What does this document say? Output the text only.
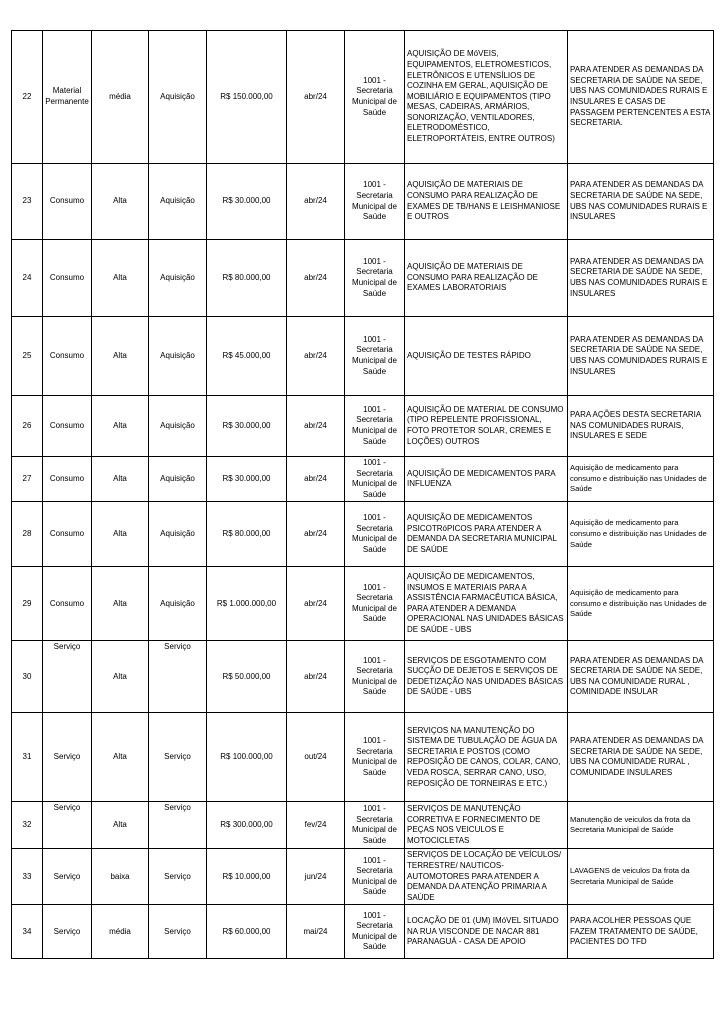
22	Material Permanente	média	Aquisição	R$ 150.000,00	abr/24	1001 - Secretaria Municipal de Saúde	AQUISIÇÃO DE MóVEIS, EQUIPAMENTOS, ELETROMESTICOS, ELETRÔNICOS E UTENSÍLIOS DE COZINHA EM GERAL, AQUISIÇÃO DE MOBILIÁRIO E EQUIPAMENTOS (TIPO MESAS, CADEIRAS, ARMÁRIOS, SONORIZAÇÃO, VENTILADORES, ELETRODOMÉSTICO, ELETROPORTÁTEIS, ENTRE OUTROS)	PARA ATENDER AS DEMANDAS DA SECRETARIA DE SAÚDE NA SEDE, UBS NAS COMUNIDADES RURAIS E INSULARES E CASAS DE PASSAGEM PERTENCENTES A ESTA SECRETARIA.
23	Consumo	Alta	Aquisição	R$ 30.000,00	abr/24	1001 - Secretaria Municipal de Saúde	AQUISIÇÃO DE MATERIAIS DE CONSUMO PARA REALIZAÇÃO DE EXAMES DE TB/HANS E LEISHMANIOSE E OUTROS	PARA ATENDER AS DEMANDAS DA SECRETARIA DE SAÚDE NA SEDE, UBS NAS COMUNIDADES RURAIS E INSULARES
24	Consumo	Alta	Aquisição	R$ 80.000,00	abr/24	1001 - Secretaria Municipal de Saúde	AQUISIÇÃO DE MATERIAIS DE CONSUMO PARA REALIZAÇÃO DE EXAMES LABORATORIAIS	PARA ATENDER AS DEMANDAS DA SECRETARIA DE SAÚDE NA SEDE, UBS NAS COMUNIDADES RURAIS E INSULARES
25	Consumo	Alta	Aquisição	R$ 45.000,00	abr/24	1001 - Secretaria Municipal de Saúde	AQUISIÇÃO DE TESTES RÁPIDO	PARA ATENDER AS DEMANDAS DA SECRETARIA DE SAÚDE NA SEDE, UBS NAS COMUNIDADES RURAIS E INSULARES
26	Consumo	Alta	Aquisição	R$ 30.000,00	abr/24	1001 - Secretaria Municipal de Saúde	AQUISIÇÃO DE MATERIAL DE CONSUMO (TIPO REPELENTE PROFISSIONAL, FOTO PROTETOR SOLAR, CREMES E LOÇÕES) OUTROS	PARA AÇÕES DESTA SECRETARIA NAS COMUNIDADES RURAIS, INSULARES E SEDE
27	Consumo	Alta	Aquisição	R$ 30.000,00	abr/24	1001 - Secretaria Municipal de Saúde	AQUISIÇÃO DE MEDICAMENTOS PARA INFLUENZA	Aquisição de medicamento para consumo e distribuição nas Unidades de Saúde
28	Consumo	Alta	Aquisição	R$ 80.000,00	abr/24	1001 - Secretaria Municipal de Saúde	AQUISIÇÃO DE MEDICAMENTOS PSICOTRóPICOS PARA ATENDER A DEMANDA DA SECRETARIA MUNICIPAL DE SAÚDE	Aquisição de medicamento para consumo e distribuição nas Unidades de Saúde
29	Consumo	Alta	Aquisição	R$ 1.000.000,00	abr/24	1001 - Secretaria Municipal de Saúde	AQUISIÇÃO DE MEDICAMENTOS, INSUMOS E MATERIAIS PARA A ASSISTÊNCIA FARMACÊUTICA BÁSICA, PARA ATENDER A DEMANDA OPERACIONAL NAS UNIDADES BÁSICAS DE SAÚDE - UBS	Aquisição de medicamento para consumo e distribuição nas Unidades de Saúde
30	Serviço	Alta	Serviço	R$ 50.000,00	abr/24	1001 - Secretaria Municipal de Saúde	SERVIÇOS DE ESGOTAMENTO COM SUCÇÃO DE DEJETOS E SERVIÇOS DE DEDETIZAÇÃO NAS UNIDADES BÁSICAS DE SAÚDE - UBS	PARA ATENDER AS DEMANDAS DA SECRETARIA DE SAÚDE NA SEDE, UBS NA COMUNIDADE RURAL , COMINIDADE INSULAR
31	Serviço	Alta	Serviço	R$ 100.000,00	out/24	1001 - Secretaria Municipal de Saúde	SERVIÇOS NA MANUTENÇÃO DO SISTEMA DE TUBULAÇÃO DE ÁGUA DA SECRETARIA E POSTOS (COMO REPOSIÇÃO DE CANOS, COLAR, CANO, VEDA ROSCA, SERRAR CANO, USO, REPOSIÇÃO DE TORNEIRAS E ETC.)	PARA ATENDER AS DEMANDAS DA SECRETARIA DE SAÚDE NA SEDE, UBS NA COMUNIDADE RURAL , COMUNIDADE INSULARES
32	Serviço	Alta	Serviço	R$ 300.000,00	fev/24	1001 - Secretaria Municipal de Saúde	SERVIÇOS DE MANUTENÇÃO CORRETIVA E FORNECIMENTO DE PEÇAS NOS VEICULOS E MOTOCICLETAS	Manutenção de veiculos da frota da Secretaria Municipal de Saúde
33	Serviço	baixa	Serviço	R$ 10.000,00	jun/24	1001 - Secretaria Municipal de Saúde	SERVIÇOS DE LOCAÇÃO DE VEÍCULOS/ TERRESTRE/ NAUTICOS- AUTOMOTORES PARA ATENDER A DEMANDA DA ATENÇÃO PRIMARIA A SAÚDE	LAVAGENS de veiculos Da frota da Secretaria Municipal de Saúde
34	Serviço	média	Serviço	R$ 60.000,00	mai/24	1001 - Secretaria Municipal de Saúde	LOCAÇÃO DE 01 (UM) IMóVEL SITUADO NA RUA VISCONDE DE NACAR 881 PARANAGUÁ - CASA DE APOIO	PARA ACOLHER PESSOAS QUE FAZEM TRATAMENTO DE SAÚDE, PACIENTES DO TFD
